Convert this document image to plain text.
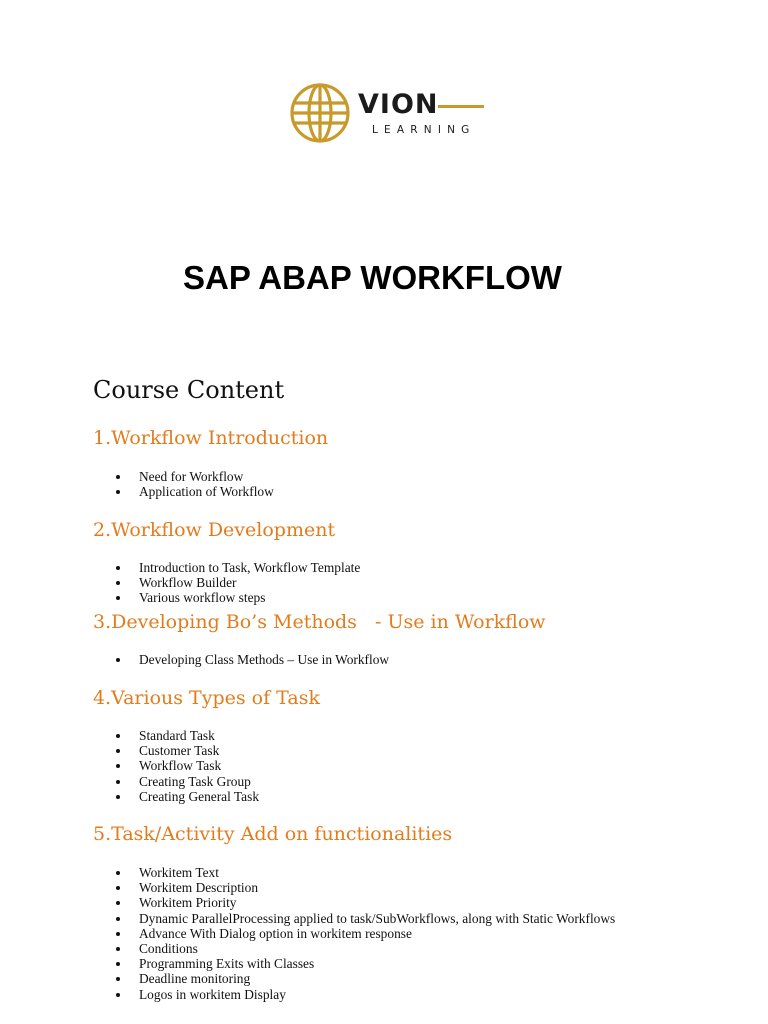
VION
LEARNING
SAP ABAP WORKFLOW
Course Content
1.Workflow Introduction
Need for Workflow
Application of Workflow
2.Workflow Development
Introduction to Task, Workflow Template
Workflow Builder
Various workflow steps
3.Developing Bo’s Methods   - Use in Workflow
Developing Class Methods – Use in Workflow
4.Various Types of Task
Standard Task
Customer Task
Workflow Task
Creating Task Group
Creating General Task
5.Task/Activity Add on functionalities
Workitem Text
Workitem Description
Workitem Priority
Dynamic ParallelProcessing applied to task/SubWorkflows, along with Static Workflows
Advance With Dialog option in workitem response
Conditions
Programming Exits with Classes
Deadline monitoring
Logos in workitem Display
